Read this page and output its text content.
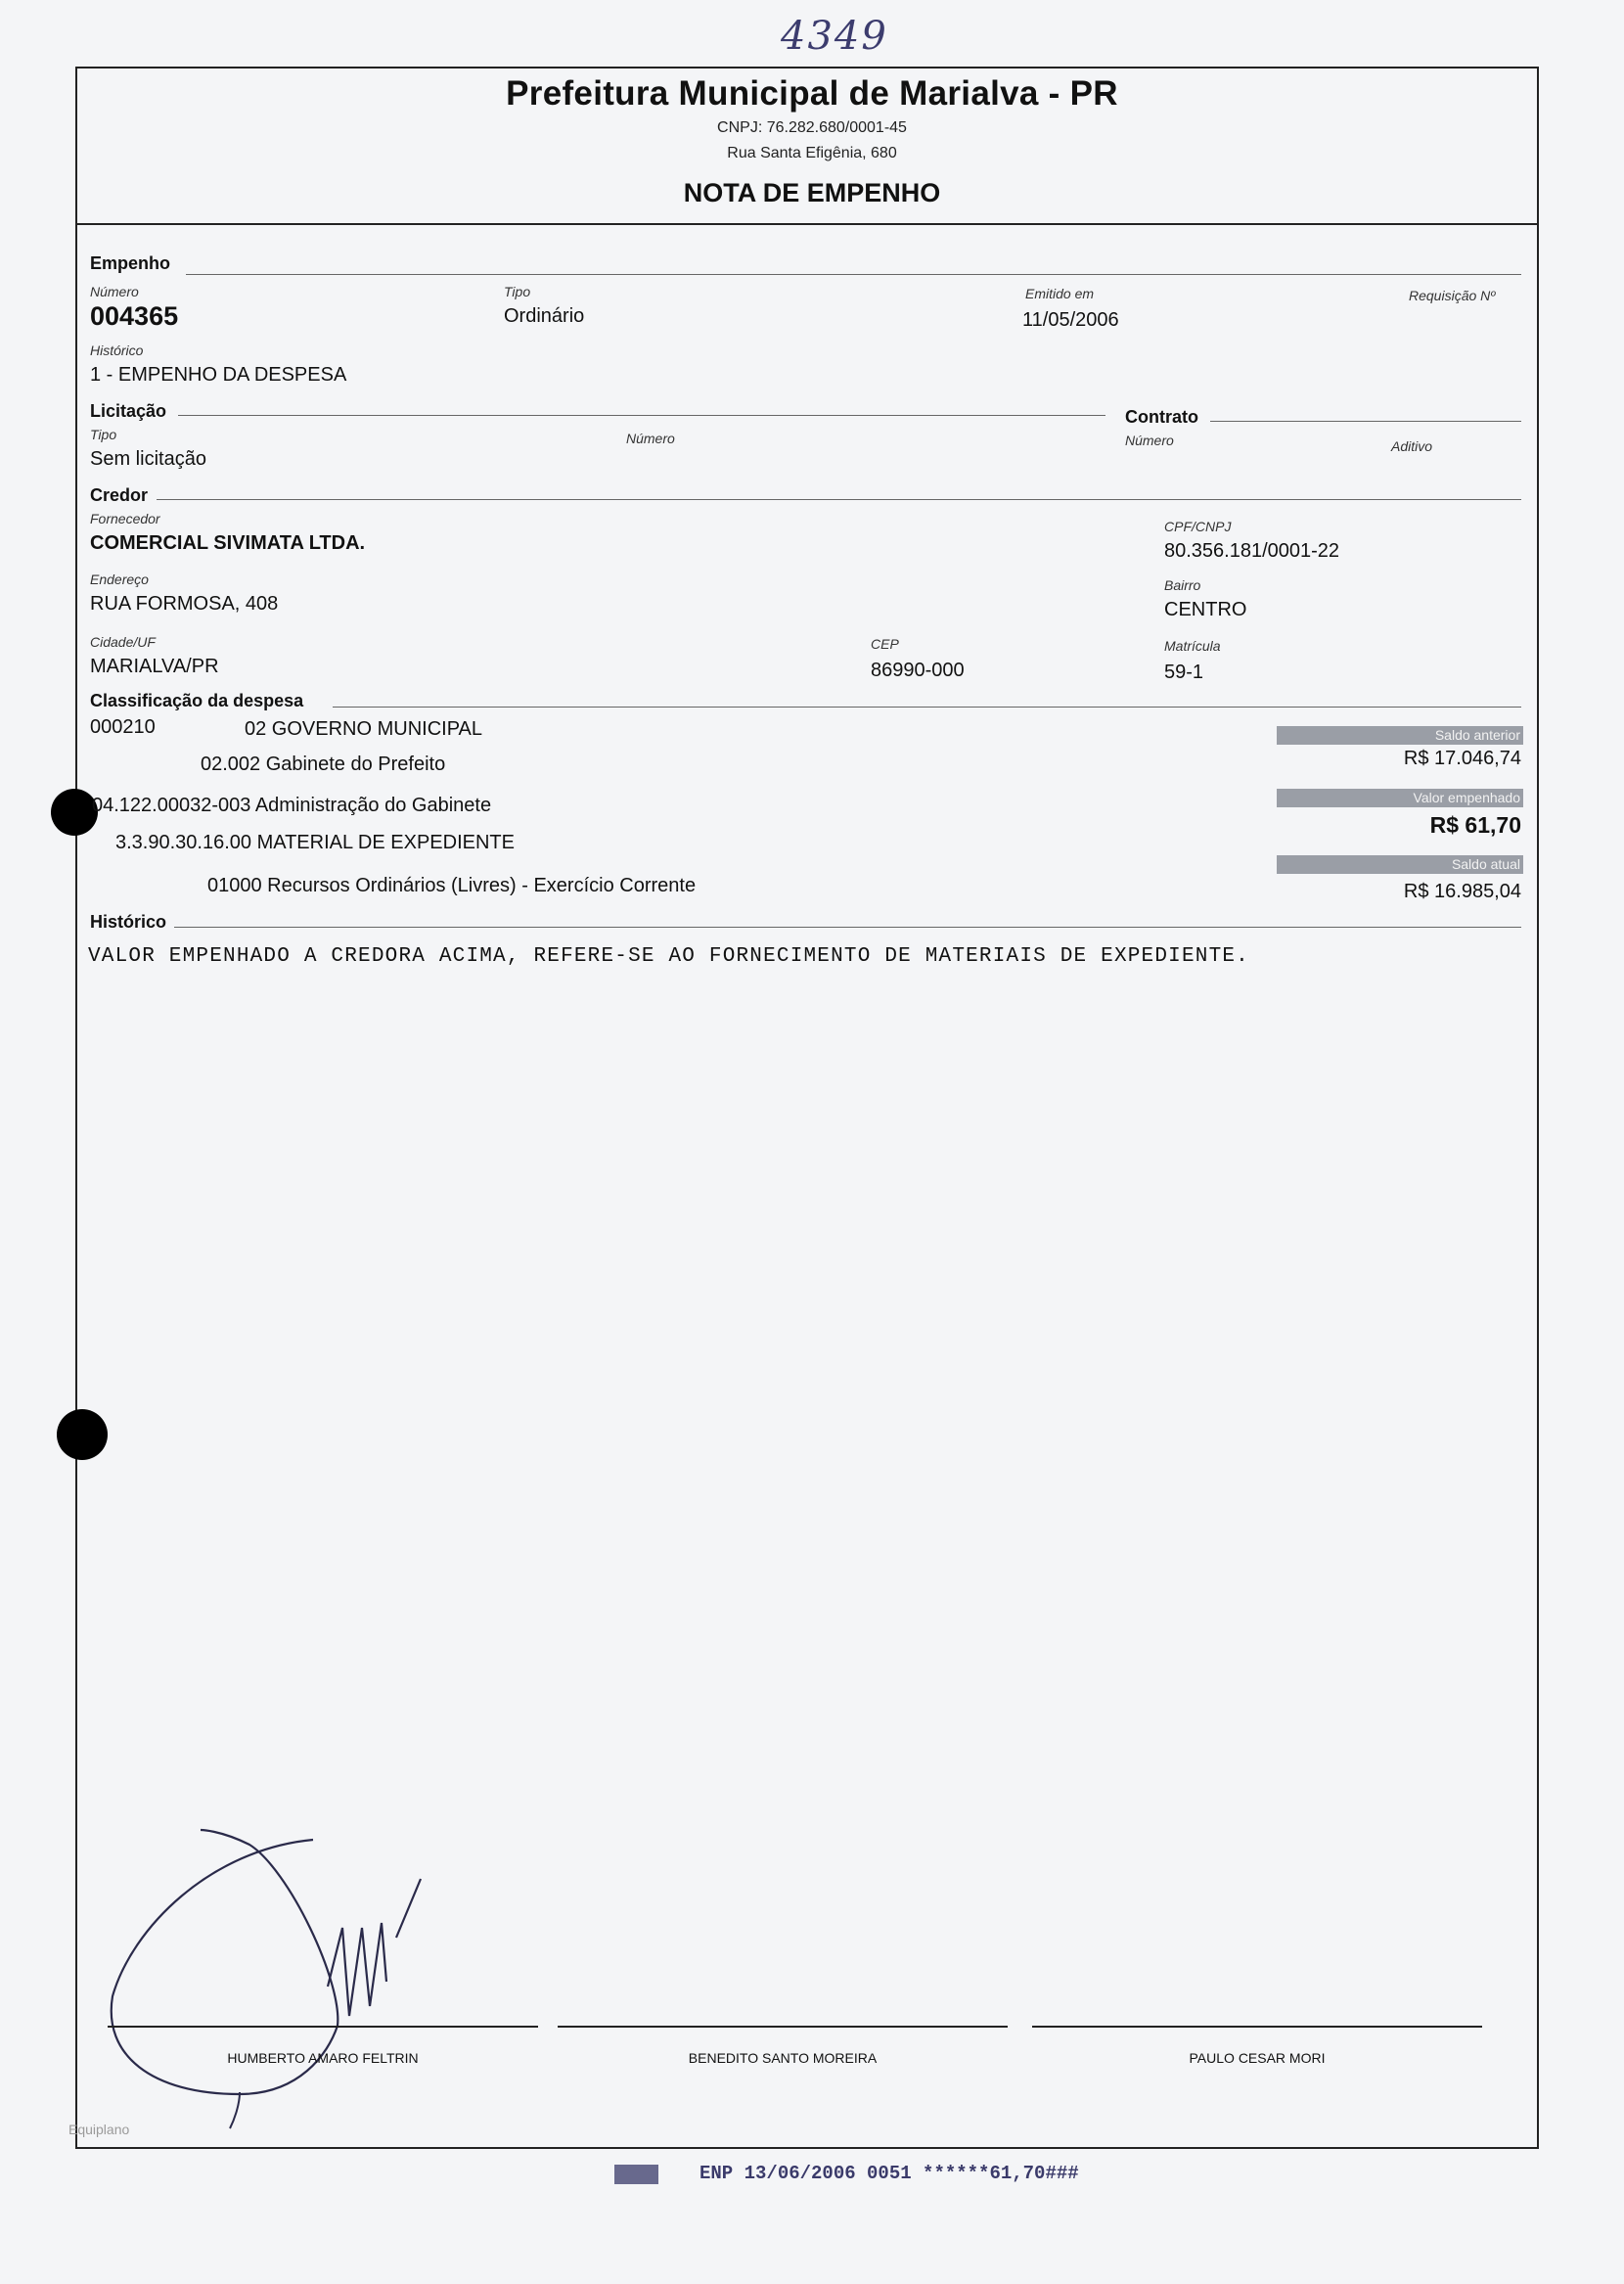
4349
Prefeitura Municipal de Marialva - PR
CNPJ: 76.282.680/0001-45
Rua Santa Efigênia, 680
NOTA DE EMPENHO
Empenho
Número
004365
Tipo
Ordinário
Emitido em
11/05/2006
Requisição Nº
Histórico
1 - EMPENHO DA DESPESA
Licitação
Tipo
Sem licitação
Número
Contrato
Número	Aditivo
Credor
Fornecedor
COMERCIAL SIVIMATA LTDA.
CPF/CNPJ
80.356.181/0001-22
Endereço
RUA FORMOSA, 408
Bairro
CENTRO
Cidade/UF
MARIALVA/PR
CEP
86990-000
Matrícula
59-1
Classificação da despesa
000210	02 GOVERNO MUNICIPAL
02.002 Gabinete do Prefeito
04.122.00032-003 Administração do Gabinete
3.3.90.30.16.00 MATERIAL DE EXPEDIENTE
01000 Recursos Ordinários (Livres) - Exercício Corrente
Saldo anterior
R$ 17.046,74
Valor empenhado
R$ 61,70
Saldo atual
R$ 16.985,04
Histórico
VALOR EMPENHADO A CREDORA ACIMA, REFERE-SE AO FORNECIMENTO DE MATERIAIS DE EXPEDIENTE.
HUMBERTO AMARO FELTRIN	BENEDITO SANTO MOREIRA	PAULO CESAR MORI
Equiplano
ENP 13/06/2006 0051 ******61,70###
